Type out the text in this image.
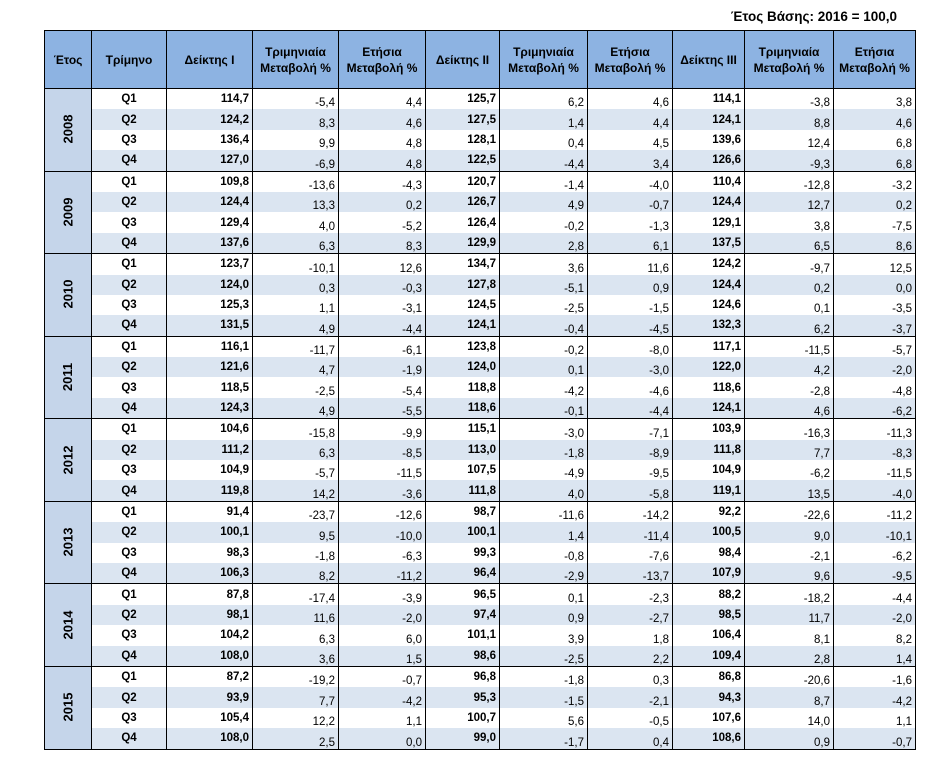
Έτος Βάσης: 2016 = 100,0
Έτος	Τρίμηνο	Δείκτης I	Τριμηνιαία Μεταβολή %	Ετήσια Μεταβολή %	Δείκτης II	Τριμηνιαία Μεταβολή %	Ετήσια Μεταβολή %	Δείκτης III	Τριμηνιαία Μεταβολή %	Ετήσια Μεταβολή %
2008	Q1	114,7	-5,4	4,4	125,7	6,2	4,6	114,1	-3,8	3,8
	Q2	124,2	8,3	4,6	127,5	1,4	4,4	124,1	8,8	4,6
	Q3	136,4	9,9	4,8	128,1	0,4	4,5	139,6	12,4	6,8
	Q4	127,0	-6,9	4,8	122,5	-4,4	3,4	126,6	-9,3	6,8
2009	Q1	109,8	-13,6	-4,3	120,7	-1,4	-4,0	110,4	-12,8	-3,2
	Q2	124,4	13,3	0,2	126,7	4,9	-0,7	124,4	12,7	0,2
	Q3	129,4	4,0	-5,2	126,4	-0,2	-1,3	129,1	3,8	-7,5
	Q4	137,6	6,3	8,3	129,9	2,8	6,1	137,5	6,5	8,6
2010	Q1	123,7	-10,1	12,6	134,7	3,6	11,6	124,2	-9,7	12,5
	Q2	124,0	0,3	-0,3	127,8	-5,1	0,9	124,4	0,2	0,0
	Q3	125,3	1,1	-3,1	124,5	-2,5	-1,5	124,6	0,1	-3,5
	Q4	131,5	4,9	-4,4	124,1	-0,4	-4,5	132,3	6,2	-3,7
2011	Q1	116,1	-11,7	-6,1	123,8	-0,2	-8,0	117,1	-11,5	-5,7
	Q2	121,6	4,7	-1,9	124,0	0,1	-3,0	122,0	4,2	-2,0
	Q3	118,5	-2,5	-5,4	118,8	-4,2	-4,6	118,6	-2,8	-4,8
	Q4	124,3	4,9	-5,5	118,6	-0,1	-4,4	124,1	4,6	-6,2
2012	Q1	104,6	-15,8	-9,9	115,1	-3,0	-7,1	103,9	-16,3	-11,3
	Q2	111,2	6,3	-8,5	113,0	-1,8	-8,9	111,8	7,7	-8,3
	Q3	104,9	-5,7	-11,5	107,5	-4,9	-9,5	104,9	-6,2	-11,5
	Q4	119,8	14,2	-3,6	111,8	4,0	-5,8	119,1	13,5	-4,0
2013	Q1	91,4	-23,7	-12,6	98,7	-11,6	-14,2	92,2	-22,6	-11,2
	Q2	100,1	9,5	-10,0	100,1	1,4	-11,4	100,5	9,0	-10,1
	Q3	98,3	-1,8	-6,3	99,3	-0,8	-7,6	98,4	-2,1	-6,2
	Q4	106,3	8,2	-11,2	96,4	-2,9	-13,7	107,9	9,6	-9,5
2014	Q1	87,8	-17,4	-3,9	96,5	0,1	-2,3	88,2	-18,2	-4,4
	Q2	98,1	11,6	-2,0	97,4	0,9	-2,7	98,5	11,7	-2,0
	Q3	104,2	6,3	6,0	101,1	3,9	1,8	106,4	8,1	8,2
	Q4	108,0	3,6	1,5	98,6	-2,5	2,2	109,4	2,8	1,4
2015	Q1	87,2	-19,2	-0,7	96,8	-1,8	0,3	86,8	-20,6	-1,6
	Q2	93,9	7,7	-4,2	95,3	-1,5	-2,1	94,3	8,7	-4,2
	Q3	105,4	12,2	1,1	100,7	5,6	-0,5	107,6	14,0	1,1
	Q4	108,0	2,5	0,0	99,0	-1,7	0,4	108,6	0,9	-0,7
